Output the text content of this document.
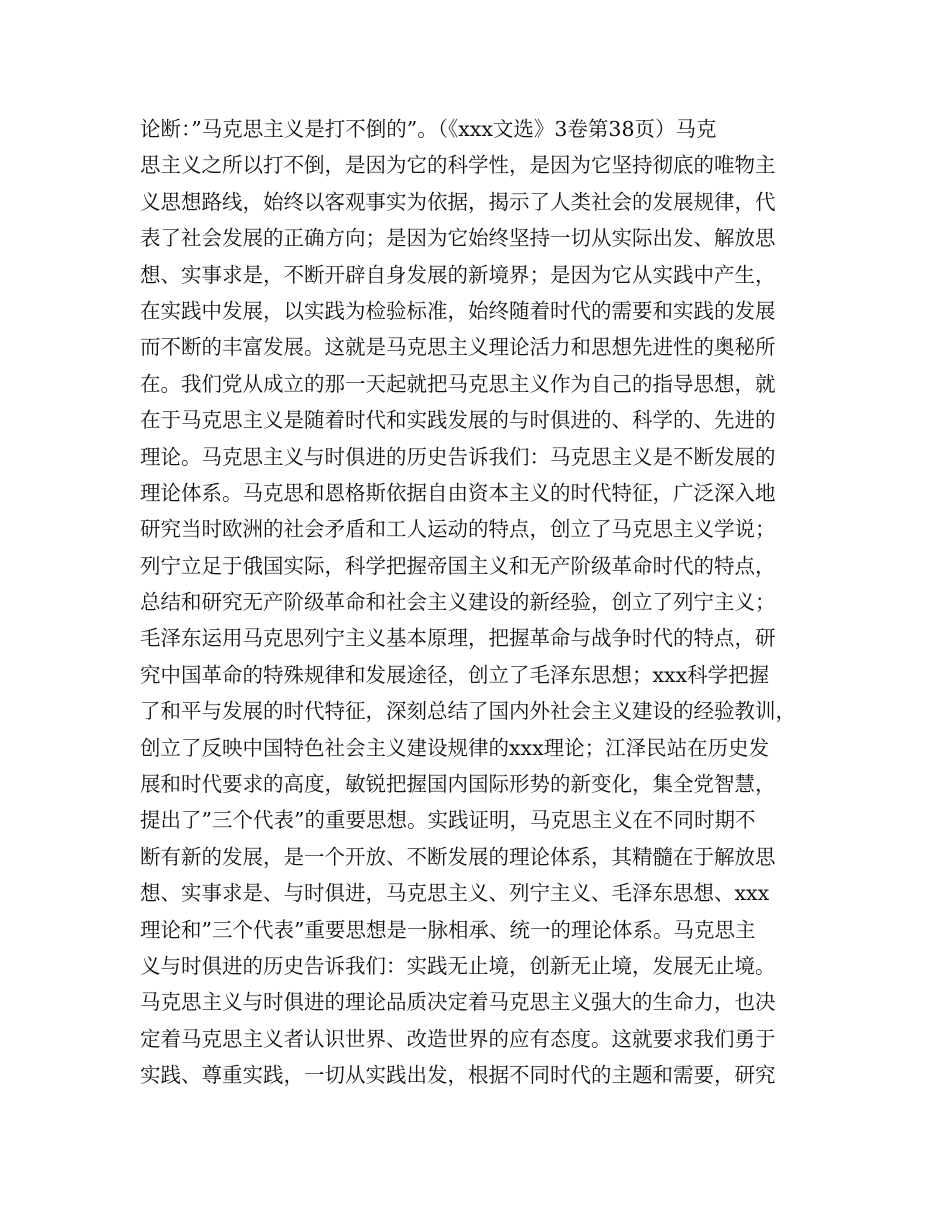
论断：”马克思主义是打不倒的”。（《xxx文选》3卷第38页）马克
思主义之所以打不倒，是因为它的科学性，是因为它坚持彻底的唯物主
义思想路线，始终以客观事实为依据，揭示了人类社会的发展规律，代
表了社会发展的正确方向；是因为它始终坚持一切从实际出发、解放思
想、实事求是，不断开辟自身发展的新境界；是因为它从实践中产生，
在实践中发展，以实践为检验标准，始终随着时代的需要和实践的发展
而不断的丰富发展。这就是马克思主义理论活力和思想先进性的奥秘所
在。我们党从成立的那一天起就把马克思主义作为自己的指导思想，就
在于马克思主义是随着时代和实践发展的与时俱进的、科学的、先进的
理论。马克思主义与时俱进的历史告诉我们：马克思主义是不断发展的
理论体系。马克思和恩格斯依据自由资本主义的时代特征，广泛深入地
研究当时欧洲的社会矛盾和工人运动的特点，创立了马克思主义学说；
列宁立足于俄国实际，科学把握帝国主义和无产阶级革命时代的特点，
总结和研究无产阶级革命和社会主义建设的新经验，创立了列宁主义；
毛泽东运用马克思列宁主义基本原理，把握革命与战争时代的特点，研
究中国革命的特殊规律和发展途径，创立了毛泽东思想；xxx科学把握
了和平与发展的时代特征，深刻总结了国内外社会主义建设的经验教训，
创立了反映中国特色社会主义建设规律的xxx理论；江泽民站在历史发
展和时代要求的高度，敏锐把握国内国际形势的新变化，集全党智慧，
提出了”三个代表”的重要思想。实践证明，马克思主义在不同时期不
断有新的发展，是一个开放、不断发展的理论体系，其精髓在于解放思
想、实事求是、与时俱进，马克思主义、列宁主义、毛泽东思想、xxx
理论和”三个代表”重要思想是一脉相承、统一的理论体系。马克思主
义与时俱进的历史告诉我们：实践无止境，创新无止境，发展无止境。
马克思主义与时俱进的理论品质决定着马克思主义强大的生命力，也决
定着马克思主义者认识世界、改造世界的应有态度。这就要求我们勇于
实践、尊重实践，一切从实践出发，根据不同时代的主题和需要，研究
